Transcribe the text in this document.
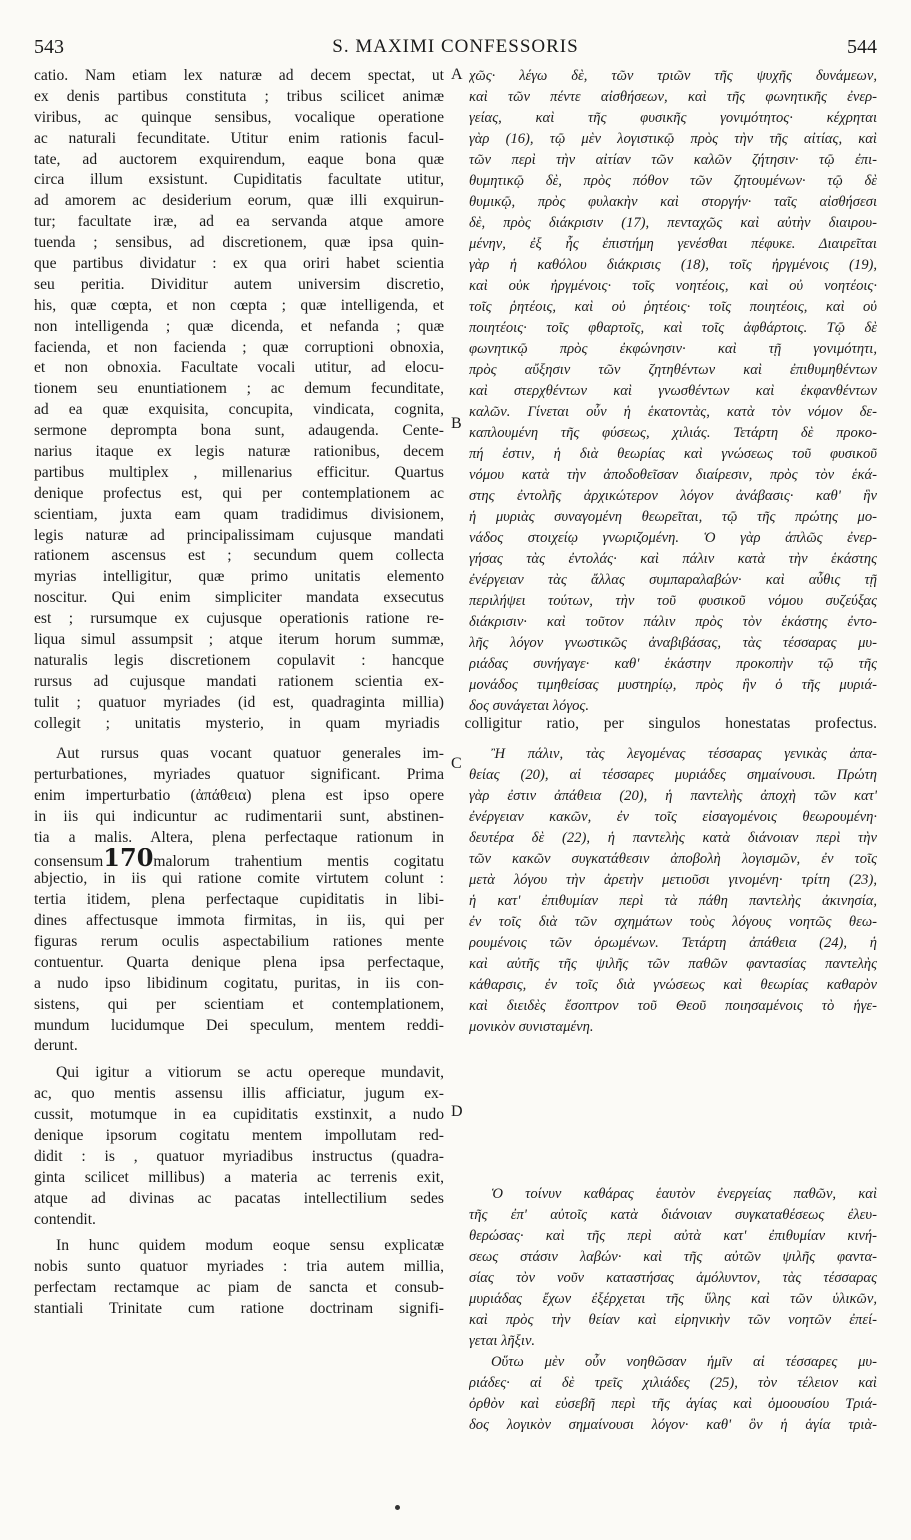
543	S. MAXIMI CONFESSORIS	544
A
B
C
D
catio. Nam etiam lex naturæ ad decem spectat, ut
ex denis partibus constituta ; tribus scilicet animæ
viribus, ac quinque sensibus, vocalique operatione
ac naturali fecunditate. Utitur enim rationis facul-
tate, ad auctorem exquirendum, eaque bona quæ
circa illum exsistunt. Cupiditatis facultate utitur,
ad amorem ac desiderium eorum, quæ illi exquirun-
tur; facultate iræ, ad ea servanda atque amore
tuenda ; sensibus, ad discretionem, quæ ipsa quin-
que partibus dividatur : ex qua oriri habet scientia
seu peritia. Dividitur autem universim discretio,
his, quæ cœpta, et non cœpta ; quæ intelligenda, et
non intelligenda ; quæ dicenda, et nefanda ; quæ
facienda, et non facienda ; quæ corruptioni obnoxia,
et non obnoxia. Facultate vocali utitur, ad elocu-
tionem seu enuntiationem ; ac demum fecunditate,
ad ea quæ exquisita, concupita, vindicata, cognita,
sermone deprompta bona sunt, adaugenda. Cente-
narius itaque ex legis naturæ rationibus, decem
partibus multiplex , millenarius efficitur. Quartus
denique profectus est, qui per contemplationem ac
scientiam, juxta eam quam tradidimus divisionem,
legis naturæ ad principalissimam cujusque mandati
rationem ascensus est ; secundum quem collecta
myrias intelligitur, quæ primo unitatis elemento
noscitur. Qui enim simpliciter mandata exsecutus
est ; rursumque ex cujusque operationis ratione re-
liqua simul assumpsit ; atque iterum horum summæ,
naturalis legis discretionem copulavit : hancque
rursus ad cujusque mandati rationem scientia ex-
tulit ; quatuor myriades (id est, quadraginta millia)
χῶς· λέγω δὲ, τῶν τριῶν τῆς ψυχῆς δυνάμεων,
καὶ τῶν πέντε αἰσθήσεων, καὶ τῆς φωνητικῆς ἐνερ-
γείας, καὶ τῆς φυσικῆς γονιμότητος· κέχρηται
γὰρ (16), τῷ μὲν λογιστικῷ πρὸς τὴν τῆς αἰτίας, καὶ
τῶν περὶ τὴν αἰτίαν τῶν καλῶν ζήτησιν· τῷ ἐπι-
θυμητικῷ δὲ, πρὸς πόθον τῶν ζητουμένων· τῷ δὲ
θυμικῷ, πρὸς φυλακὴν καὶ στοργήν· ταῖς αἰσθήσεσι
δὲ, πρὸς διάκρισιν (17), πενταχῶς καὶ αὐτὴν διαιρου-
μένην, ἐξ ἧς ἐπιστήμη γενέσθαι πέφυκε. Διαιρεῖται
γὰρ ἡ καθόλου διάκρισις (18), τοῖς ἠργμένοις (19),
καὶ οὐκ ἠργμένοις· τοῖς νοητέοις, καὶ οὐ νοητέοις·
τοῖς ῥητέοις, καὶ οὐ ῥητέοις· τοῖς ποιητέοις, καὶ οὐ
ποιητέοις· τοῖς φθαρτοῖς, καὶ τοῖς ἀφθάρτοις. Τῷ δὲ
φωνητικῷ πρὸς ἐκφώνησιν· καὶ τῇ γονιμότητι,
πρὸς αὔξησιν τῶν ζητηθέντων καὶ ἐπιθυμηθέντων
καὶ στερχθέντων καὶ γνωσθέντων καὶ ἐκφανθέντων
καλῶν. Γίνεται οὖν ἡ ἑκατοντὰς, κατὰ τὸν νόμον δε-
καπλουμένη τῆς φύσεως, χιλιάς. Τετάρτη δὲ προκο-
πή ἐστιν, ἡ διὰ θεωρίας καὶ γνώσεως τοῦ φυσικοῦ
νόμου κατὰ τὴν ἀποδοθεῖσαν διαίρεσιν, πρὸς τὸν ἑκά-
στης ἐντολῆς ἀρχικώτερον λόγον ἀνάβασις· καθ' ἣν
ἡ μυριὰς συναγομένη θεωρεῖται, τῷ τῆς πρώτης μο-
νάδος στοιχείῳ γνωριζομένη. Ὁ γὰρ ἁπλῶς ἐνερ-
γήσας τὰς ἐντολάς· καὶ πάλιν κατὰ τὴν ἑκάστης
ἐνέργειαν τὰς ἄλλας συμπαραλαβών· καὶ αὖθις τῇ
περιλήψει τούτων, τὴν τοῦ φυσικοῦ νόμου συζεύξας
διάκρισιν· καὶ τοῦτον πάλιν πρὸς τὸν ἑκάστης ἐντο-
λῆς λόγον γνωστικῶς ἀναβιβάσας, τὰς τέσσαρας μυ-
ριάδας συνήγαγε· καθ' ἑκάστην προκοπὴν τῷ τῆς
μονάδος τιμηθείσας μυστηρίῳ, πρὸς ἣν ὁ τῆς μυριά-
δος συνάγεται λόγος.
collegit ; unitatis mysterio, in quam myriadis colligitur ratio, per singulos honestatas profectus.
Aut rursus quas vocant quatuor generales im-
perturbationes, myriades quatuor significant. Prima
enim imperturbatio (ἀπάθεια) plena est ipso opere
in iis qui indicuntur ac rudimentarii sunt, abstinen-
tia a malis. Altera, plena perfectaque rationum in
consensum170malorum trahentium mentis cogitatu
abjectio, in iis qui ratione comite virtutem colunt :
tertia itidem, plena perfectaque cupiditatis in libi-
dines affectusque immota firmitas, in iis, qui per
figuras rerum oculis aspectabilium rationes mente
contuentur. Quarta denique plena ipsa perfectaque,
a nudo ipso libidinum cogitatu, puritas, in iis con-
sistens, qui per scientiam et contemplationem,
mundum lucidumque Dei speculum, mentem reddi-
derunt.
Qui igitur a vitiorum se actu opereque mundavit,
ac, quo mentis assensu illis afficiatur, jugum ex-
cussit, motumque in ea cupiditatis exstinxit, a nudo
denique ipsorum cogitatu mentem impollutam red-
didit : is , quatuor myriadibus instructus (quadra-
ginta scilicet millibus) a materia ac terrenis exit,
atque ad divinas ac pacatas intellectilium sedes
contendit.
In hunc quidem modum eoque sensu explicatæ
nobis sunto quatuor myriades : tria autem millia,
perfectam rectamque ac piam de sancta et consub-
stantiali Trinitate cum ratione doctrinam signifi-
Ἢ πάλιν, τὰς λεγομένας τέσσαρας γενικὰς ἀπα-
θείας (20), αἱ τέσσαρες μυριάδες σημαίνουσι. Πρώτη
γὰρ ἐστιν ἀπάθεια (20), ἡ παντελὴς ἀποχὴ τῶν κατ'
ἐνέργειαν κακῶν, ἐν τοῖς εἰσαγομένοις θεωρουμένη·
δευτέρα δὲ (22), ἡ παντελὴς κατὰ διάνοιαν περὶ τὴν
τῶν κακῶν συγκατάθεσιν ἀποβολὴ λογισμῶν, ἐν τοῖς
μετὰ λόγου τὴν ἀρετὴν μετιοῦσι γινομένη· τρίτη (23),
ἡ κατ' ἐπιθυμίαν περὶ τὰ πάθη παντελὴς ἀκινησία,
ἐν τοῖς διὰ τῶν σχημάτων τοὺς λόγους νοητῶς θεω-
ρουμένοις τῶν ὁρωμένων. Τετάρτη ἀπάθεια (24), ἡ
καὶ αὐτῆς τῆς ψιλῆς τῶν παθῶν φαντασίας παντελὴς
κάθαρσις, ἐν τοῖς διὰ γνώσεως καὶ θεωρίας καθαρὸν
καὶ διειδὲς ἔσοπτρον τοῦ Θεοῦ ποιησαμένοις τὸ ἡγε-
μονικὸν συνισταμένη.
Ὁ τοίνυν καθάρας ἑαυτὸν ἐνεργείας παθῶν, καὶ
τῆς ἐπ' αὐτοῖς κατὰ διάνοιαν συγκαταθέσεως ἐλευ-
θερώσας· καὶ τῆς περὶ αὐτὰ κατ' ἐπιθυμίαν κινή-
σεως στάσιν λαβών· καὶ τῆς αὐτῶν ψιλῆς φαντα-
σίας τὸν νοῦν καταστήσας ἀμόλυντον, τὰς τέσσαρας
μυριάδας ἔχων ἐξέρχεται τῆς ὕλης καὶ τῶν ὑλικῶν,
καὶ πρὸς τὴν θείαν καὶ εἰρηνικὴν τῶν νοητῶν ἐπεί-
γεται λῆξιν.
Οὕτω μὲν οὖν νοηθῶσαν ἡμῖν αἱ τέσσαρες μυ-
ριάδες· αἱ δὲ τρεῖς χιλιάδες (25), τὸν τέλειον καὶ
ὀρθὸν καὶ εὐσεβῆ περὶ τῆς ἁγίας καὶ ὁμοουσίου Τριά-
δος λογικὸν σημαίνουσι λόγον· καθ' ὃν ἡ ἁγία τριὰ-
